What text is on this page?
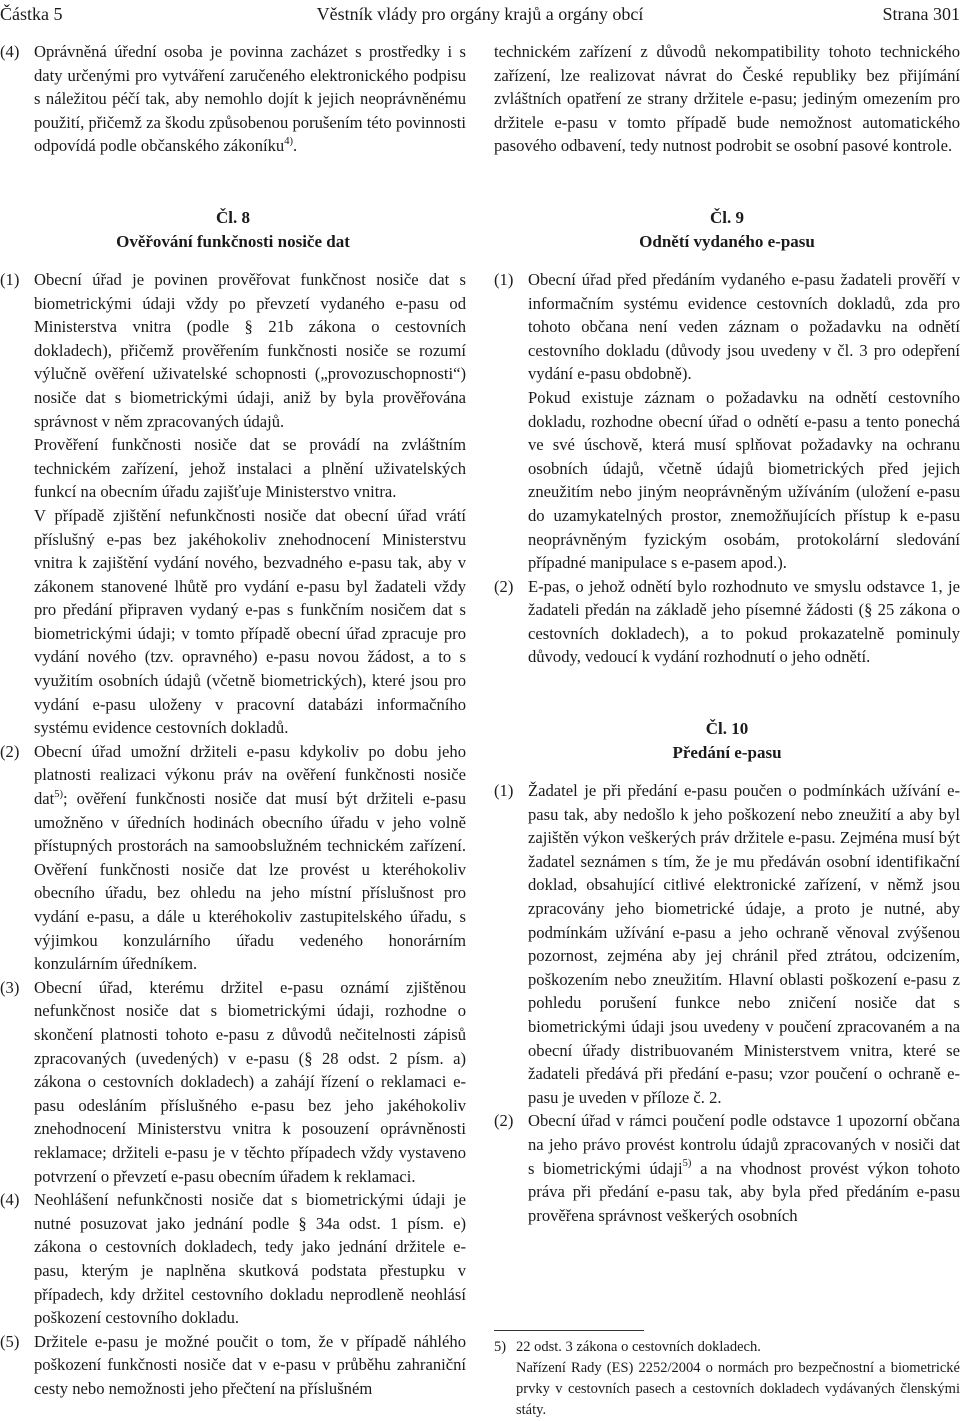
Částka 5	Věstník vlády pro orgány krajů a orgány obcí	Strana 301
(4) Oprávněná úřední osoba je povinna zacházet s prostředky i s daty určenými pro vytváření zaručeného elektronického podpisu s náležitou péčí tak, aby nemohlo dojít k jejich neoprávněnému použití, přičemž za škodu způsobenou porušením této povinnosti odpovídá podle občanského zákoníku$^{4)}$.
Čl. 8
Ověřování funkčnosti nosiče dat
(1) Obecní úřad je povinen prověřovat funkčnost nosiče dat s biometrickými údaji vždy po převzetí vydaného e-pasu od Ministerstva vnitra (podle § 21b zákona o cestovních dokladech), přičemž prověřením funkčnosti nosiče se rozumí výlučně ověření uživatelské schopnosti („provozuschopnosti“) nosiče dat s biometrickými údaji, aniž by byla prověřována správnost v něm zpracovaných údajů.

Prověření funkčnosti nosiče dat se provádí na zvláštním technickém zařízení, jehož instalaci a plnění uživatelských funkcí na obecním úřadu zajišťuje Ministerstvo vnitra.

V případě zjištění nefunkčnosti nosiče dat obecní úřad vrátí příslušný e-pas bez jakéhokoliv znehodnocení Ministerstvu vnitra k zajištění vydání nového, bezvadného e-pasu tak, aby v zákonem stanovené lhůtě pro vydání e-pasu byl žadateli vždy pro předání připraven vydaný e-pas s funkčním nosičem dat s biometrickými údaji; v tomto případě obecní úřad zpracuje pro vydání nového (tzv. opravného) e-pasu novou žádost, a to s využitím osobních údajů (včetně biometrických), které jsou pro vydání e-pasu uloženy v pracovní databázi informačního systému evidence cestovních dokladů.

(2) Obecní úřad umožní držiteli e-pasu kdykoliv po dobu jeho platnosti realizaci výkonu práv na ověření funkčnosti nosiče dat$^{5)}$; ověření funkčnosti nosiče dat musí být držiteli e-pasu umožněno v úředních hodinách obecního úřadu v jeho volně přístupných prostorách na samoobslužném technickém zařízení. Ověření funkčnosti nosiče dat lze provést u kteréhokoliv obecního úřadu, bez ohledu na jeho místní příslušnost pro vydání e-pasu, a dále u kteréhokoliv zastupitelského úřadu, s výjimkou konzulárního úřadu vedeného honorárním konzulárním úředníkem.
(3) Obecní úřad, kterému držitel e-pasu oznámí zjištěnou nefunkčnost nosiče dat s biometrickými údaji, rozhodne o skončení platnosti tohoto e-pasu z důvodů nečitelnosti zápisů zpracovaných (uvedených) v e-pasu (§ 28 odst. 2 písm. a) zákona o cestovních dokladech) a zahájí řízení o reklamaci e-pasu odesláním příslušného e-pasu bez jeho jakéhokoliv znehodnocení Ministerstvu vnitra k posouzení oprávněnosti reklamace; držiteli e-pasu je v těchto případech vždy vystaveno potvrzení o převzetí e-pasu obecním úřadem k reklamaci.
(4) Neohlášení nefunkčnosti nosiče dat s biometrickými údaji je nutné posuzovat jako jednání podle § 34a odst. 1 písm. e) zákona o cestovních dokladech, tedy jako jednání držitele e-pasu, kterým je naplněna skutková podstata přestupku v případech, kdy držitel cestovního dokladu neprodleně neohlásí poškození cestovního dokladu.
(5) Držitele e-pasu je možné poučit o tom, že v případě náhlého poškození funkčnosti nosiče dat v e-pasu v průběhu zahraniční cesty nebo nemožnosti jeho přečtení na příslušném

technickém zařízení z důvodů nekompatibility tohoto technického zařízení, lze realizovat návrat do České republiky bez přijímání zvláštních opatření ze strany držitele e-pasu; jediným omezením pro držitele e-pasu v tomto případě bude nemožnost automatického pasového odbavení, tedy nutnost podrobit se osobní pasové kontrole.

Čl. 9
Odnětí vydaného e-pasu
(1) Obecní úřad před předáním vydaného e-pasu žadateli prověří v informačním systému evidence cestovních dokladů, zda pro tohoto občana není veden záznam o požadavku na odnětí cestovního dokladu (důvody jsou uvedeny v čl. 3 pro odepření vydání e-pasu obdobně).

Pokud existuje záznam o požadavku na odnětí cestovního dokladu, rozhodne obecní úřad o odnětí e-pasu a tento ponechá ve své úschově, která musí splňovat požadavky na ochranu osobních údajů, včetně údajů biometrických před jejich zneužitím nebo jiným neoprávněným užíváním (uložení e-pasu do uzamykatelných prostor, znemožňujících přístup k e-pasu neoprávněným fyzickým osobám, protokolární sledování případné manipulace s e-pasem apod.).

(2) E-pas, o jehož odnětí bylo rozhodnuto ve smyslu odstavce 1, je žadateli předán na základě jeho písemné žádosti (§ 25 zákona o cestovních dokladech), a to pokud prokazatelně pominuly důvody, vedoucí k vydání rozhodnutí o jeho odnětí.
Čl. 10
Předání e-pasu
(1) Žadatel je při předání e-pasu poučen o podmínkách užívání e-pasu tak, aby nedošlo k jeho poškození nebo zneužití a aby byl zajištěn výkon veškerých práv držitele e-pasu. Zejména musí být žadatel seznámen s tím, že je mu předáván osobní identifikační doklad, obsahující citlivé elektronické zařízení, v němž jsou zpracovány jeho biometrické údaje, a proto je nutné, aby podmínkám užívání e-pasu a jeho ochraně věnoval zvýšenou pozornost, zejména aby jej chránil před ztrátou, odcizením, poškozením nebo zneužitím. Hlavní oblasti poškození e-pasu z pohledu porušení funkce nebo zničení nosiče dat s biometrickými údaji jsou uvedeny v poučení zpracovaném a na obecní úřady distribuovaném Ministerstvem vnitra, které se žadateli předává při předání e-pasu; vzor poučení o ochraně e-pasu je uveden v příloze č. 2.
(2) Obecní úřad v rámci poučení podle odstavce 1 upozorní občana na jeho právo provést kontrolu údajů zpracovaných v nosiči dat s biometrickými údaji$^{5)}$ a na vhodnost provést výkon tohoto práva při předání e-pasu tak, aby byla před předáním e-pasu prověřena správnost veškerých osobních
5) 22 odst. 3 zákona o cestovních dokladech.
Nařízení Rady (ES) 2252/2004 o normách pro bezpečnostní a biometrické prvky v cestovních pasech a cestovních dokladech vydávaných členskými státy.
